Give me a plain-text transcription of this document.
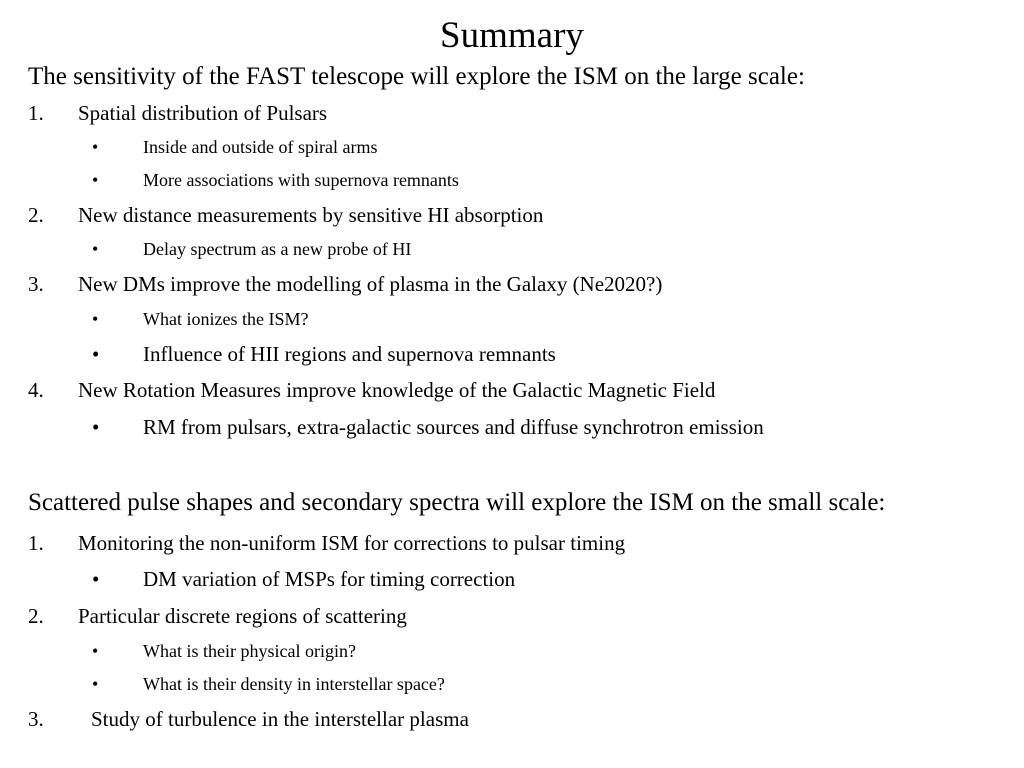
Summary

The sensitivity of the FAST telescope will explore the ISM on the large scale:

1. Spatial distribution of Pulsars
• Inside and outside of spiral arms
• More associations with supernova remnants
2. New distance measurements by sensitive HI absorption
• Delay spectrum as a new probe of HI
3. New DMs improve the modelling of plasma in the Galaxy (Ne2020?)
• What ionizes the ISM?
• Influence of HII regions and supernova remnants
4. New Rotation Measures improve knowledge of the Galactic Magnetic Field
• RM from pulsars, extra-galactic sources and diffuse synchrotron emission

Scattered pulse shapes and secondary spectra will explore the ISM on the small scale:

1. Monitoring the non-uniform ISM for corrections to pulsar timing
• DM variation of MSPs for timing correction
2. Particular discrete regions of scattering
• What is their physical origin?
• What is their density in interstellar space?
3. Study of turbulence in the interstellar plasma
